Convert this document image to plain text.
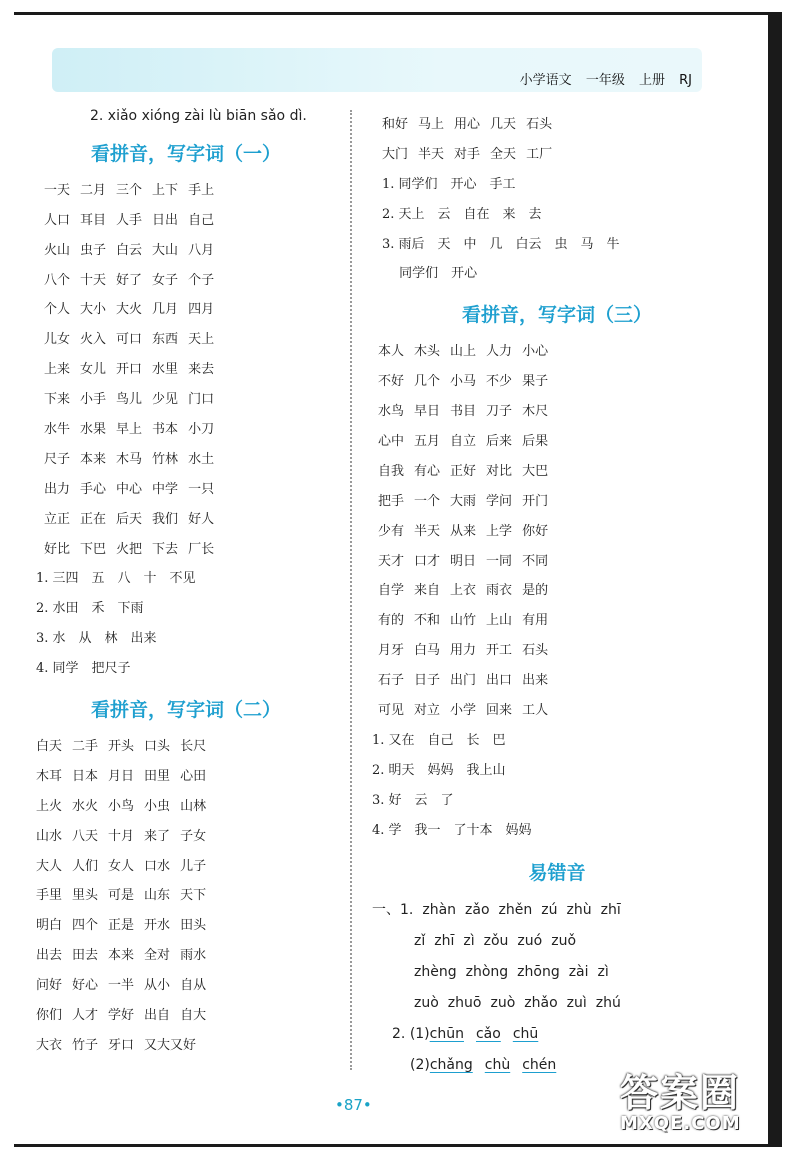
小学语文 一年级 上册 RJ
2. xiǎo xióng zài lù biān sǎo dì.
看拼音，写字词（一）
一天 二月 三个 上下 手上
人口 耳目 人手 日出 自己
火山 虫子 白云 大山 八月
八个 十天 好了 女子 个子
个人 大小 大火 几月 四月
儿女 火入 可口 东西 天上
上来 女儿 开口 水里 来去
下来 小手 鸟儿 少见 门口
水牛 水果 早上 书本 小刀
尺子 本来 木马 竹林 水土
出力 手心 中心 中学 一只
立正 正在 后天 我们 好人
好比 下巴 火把 下去 厂长
1. 三四　五　八　十　不见
2. 水田　禾　下雨
3. 水　从　林　出来
4. 同学　把尺子
看拼音，写字词（二）
白天 二手 开头 口头 长尺
木耳 日本 月日 田里 心田
上火 水火 小鸟 小虫 山林
山水 八天 十月 来了 子女
大人 人们 女人 口水 儿子
手里 里头 可是 山东 天下
明白 四个 正是 开水 田头
出去 田去 本来 全对 雨水
问好 好心 一半 从小 自从
你们 人才 学好 出自 自大
大衣 竹子 牙口 又大又好
和好 马上 用心 几天 石头
大门 半天 对手 全天 工厂
1. 同学们　开心　手工
2. 天上　云　自在　来　去
3. 雨后　天　中　几　白云　虫　马　牛
　 同学们　开心
看拼音，写字词（三）
本人 木头 山上 人力 小心
不好 几个 小马 不少 果子
水鸟 早日 书目 刀子 木尺
心中 五月 自立 后来 后果
自我 有心 正好 对比 大巴
把手 一个 大雨 学问 开门
少有 半天 从来 上学 你好
天才 口才 明日 一同 不同
自学 来自 上衣 雨衣 是的
有的 不和 山竹 上山 有用
月牙 白马 用力 开工 石头
石子 日子 出门 出口 出来
可见 对立 小学 回来 工人
1. 又在　自己　长　巴
2. 明天　妈妈　我上山
3. 好　云　了
4. 学　我一　了十本　妈妈
易错音
一、1. zhàn zǎo zhěn zú zhù zhī
zǐ zhī zì zǒu zuó zuǒ
zhèng zhòng zhōng zài zì
zuò zhuō zuò zhǎo zuì zhú
2. (1)chūn cǎo chū
(2)chǎng chù chén
•87•	答案圈
MXQE.COM
